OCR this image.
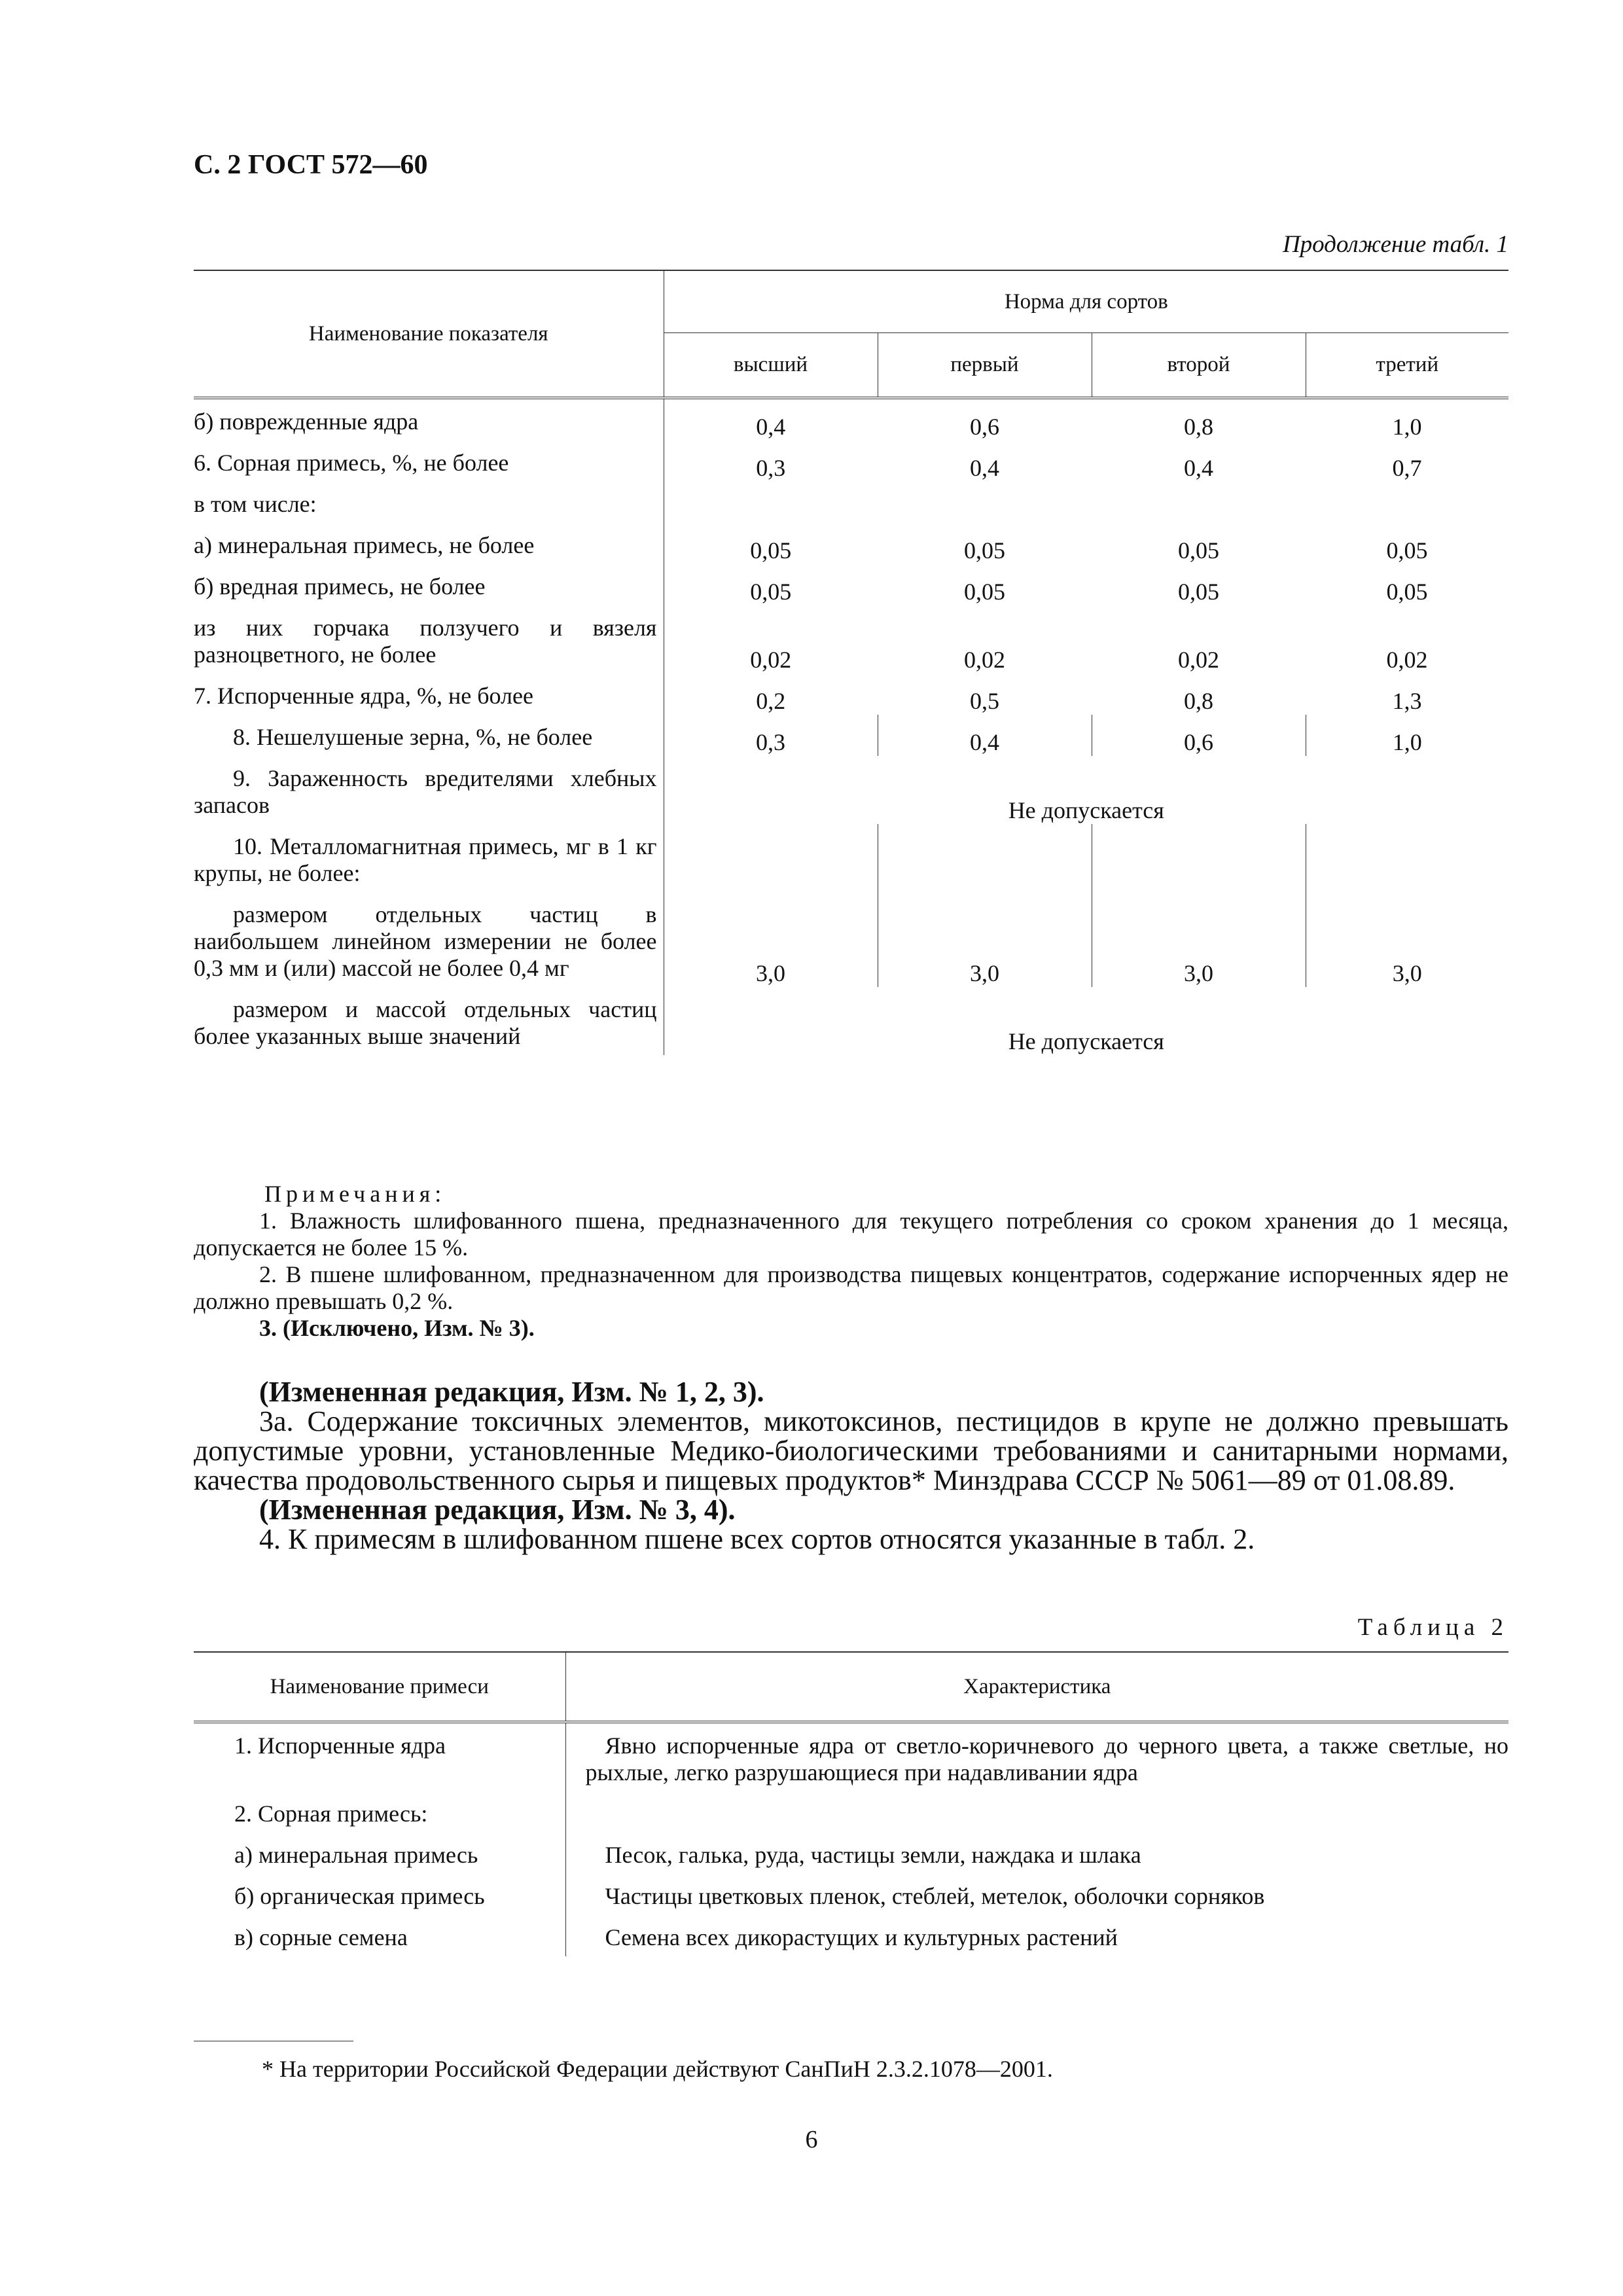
С. 2 ГОСТ 572—60
Продолжение табл. 1
Наименование показателя	Норма для сортов			
	высший	первый	второй	третий
б) поврежденные ядра	0,4	0,6	0,8	1,0
6. Сорная примесь, %, не более	0,3	0,4	0,4	0,7
в том числе:				
а) минеральная примесь, не более	0,05	0,05	0,05	0,05
б) вредная примесь, не более	0,05	0,05	0,05	0,05
из них горчака ползучего и вязеля разноцветного, не более	0,02	0,02	0,02	0,02
7. Испорченные ядра, %, не более	0,2	0,5	0,8	1,3
8. Нешелушеные зерна, %, не более	0,3	0,4	0,6	1,0
9. Зараженность вредителями хлебных запасов	Не допускается			
10. Металломагнитная примесь, мг в 1 кг крупы, не более:				
размером отдельных частиц в наибольшем линейном измерении не более 0,3 мм и (или) массой не более 0,4 мг	3,0	3,0	3,0	3,0
размером и массой отдельных частиц более указанных выше значений	Не допускается			

Примечания:

1. Влажность шлифованного пшена, предназначенного для текущего потребления со сроком хранения до 1 месяца, допускается не более 15 %.

2. В пшене шлифованном, предназначенном для производства пищевых концентратов, содержание испорченных ядер не должно превышать 0,2 %.

3. (Исключено, Изм. № 3).

(Измененная редакция, Изм. № 1, 2, 3).

3а. Содержание токсичных элементов, микотоксинов, пестицидов в крупе не должно превышать допустимые уровни, установленные Медико-биологическими требованиями и санитарными нормами, качества продовольственного сырья и пищевых продуктов* Минздрава СССР № 5061—89 от 01.08.89.

(Измененная редакция, Изм. № 3, 4).

4. К примесям в шлифованном пшене всех сортов относятся указанные в табл. 2.

Таблица 2
Наименование примеси	Характеристика
1. Испорченные ядра	Явно испорченные ядра от светло-коричневого до черного цвета, а также светлые, но рыхлые, легко разрушающиеся при надавливании ядра

2. Сорная примесь:	

а) минеральная примесь	Песок, галька, руда, частицы земли, наждака и шлака

б) органическая примесь	Частицы цветковых пленок, стеблей, метелок, оболочки сорняков

в) сорные семена	Семена всех дикорастущих и культурных растений
* На территории Российской Федерации действуют СанПиН 2.3.2.1078—2001.
6
